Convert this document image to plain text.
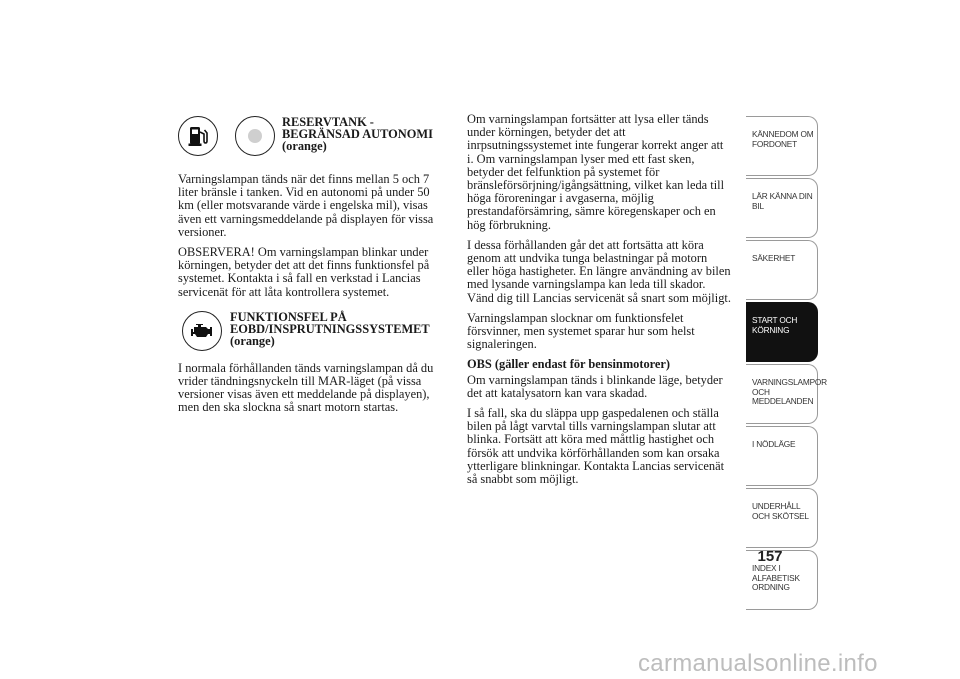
RESERVTANK -
BEGRÄNSAD AUTONOMI
(orange)

Varningslampan tänds när det finns mellan 5 och 7 liter bränsle i tanken. Vid en autonomi på under 50 km (eller motsvarande värde i engelska mil), visas även ett varningsmeddelande på displayen för vissa versioner.

OBSERVERA! Om varningslampan blinkar under körningen, betyder det att det finns funktionsfel på systemet. Kontakta i så fall en verkstad i Lancias servicenät för att låta kontrollera systemet.

FUNKTIONSFEL PÅ
EOBD/INSPRUTNINGSSYSTEMET
(orange)

I normala förhållanden tänds varningslampan då du vrider tändningsnyckeln till MAR-läget (på vissa versioner visas även ett meddelande på displayen), men den ska slockna så snart motorn startas.

Om varningslampan fortsätter att lysa eller tänds under körningen, betyder det att inrpsutningssystemet inte fungerar korrekt anger att i. Om varningslampan lyser med ett fast sken, betyder det felfunktion på systemet för bränsleförsörjning/igångsättning, vilket kan leda till höga föroreningar i avgaserna, möjlig prestandaförsämring, sämre köregenskaper och en hög förbrukning.

I dessa förhållanden går det att fortsätta att köra genom att undvika tunga belastningar på motorn eller höga hastigheter. En längre användning av bilen med lysande varningslampa kan leda till skador. Vänd dig till Lancias servicenät så snart som möjligt.

Varningslampan slocknar om funktionsfelet försvinner, men systemet sparar hur som helst signaleringen.

OBS (gäller endast för bensinmotorer)

Om varningslampan tänds i blinkande läge, betyder det att katalysatorn kan vara skadad.

I så fall, ska du släppa upp gaspedalenen och ställa bilen på lågt varvtal tills varningslampan slutar att blinka. Fortsätt att köra med måttlig hastighet och försök att undvika körförhållanden som kan orsaka ytterligare blinkningar. Kontakta Lancias servicenät så snabbt som möjligt.

KÄNNEDOM OM FORDONET
LÄR KÄNNA DIN BIL
SÄKERHET
START OCH KÖRNING
VARNINGSLAMPOR OCH MEDDELANDEN
I NÖDLÄGE
UNDERHÅLL OCH SKÖTSEL
INDEX I ALFABETISK ORDNING
157
carmanualsonline.info
